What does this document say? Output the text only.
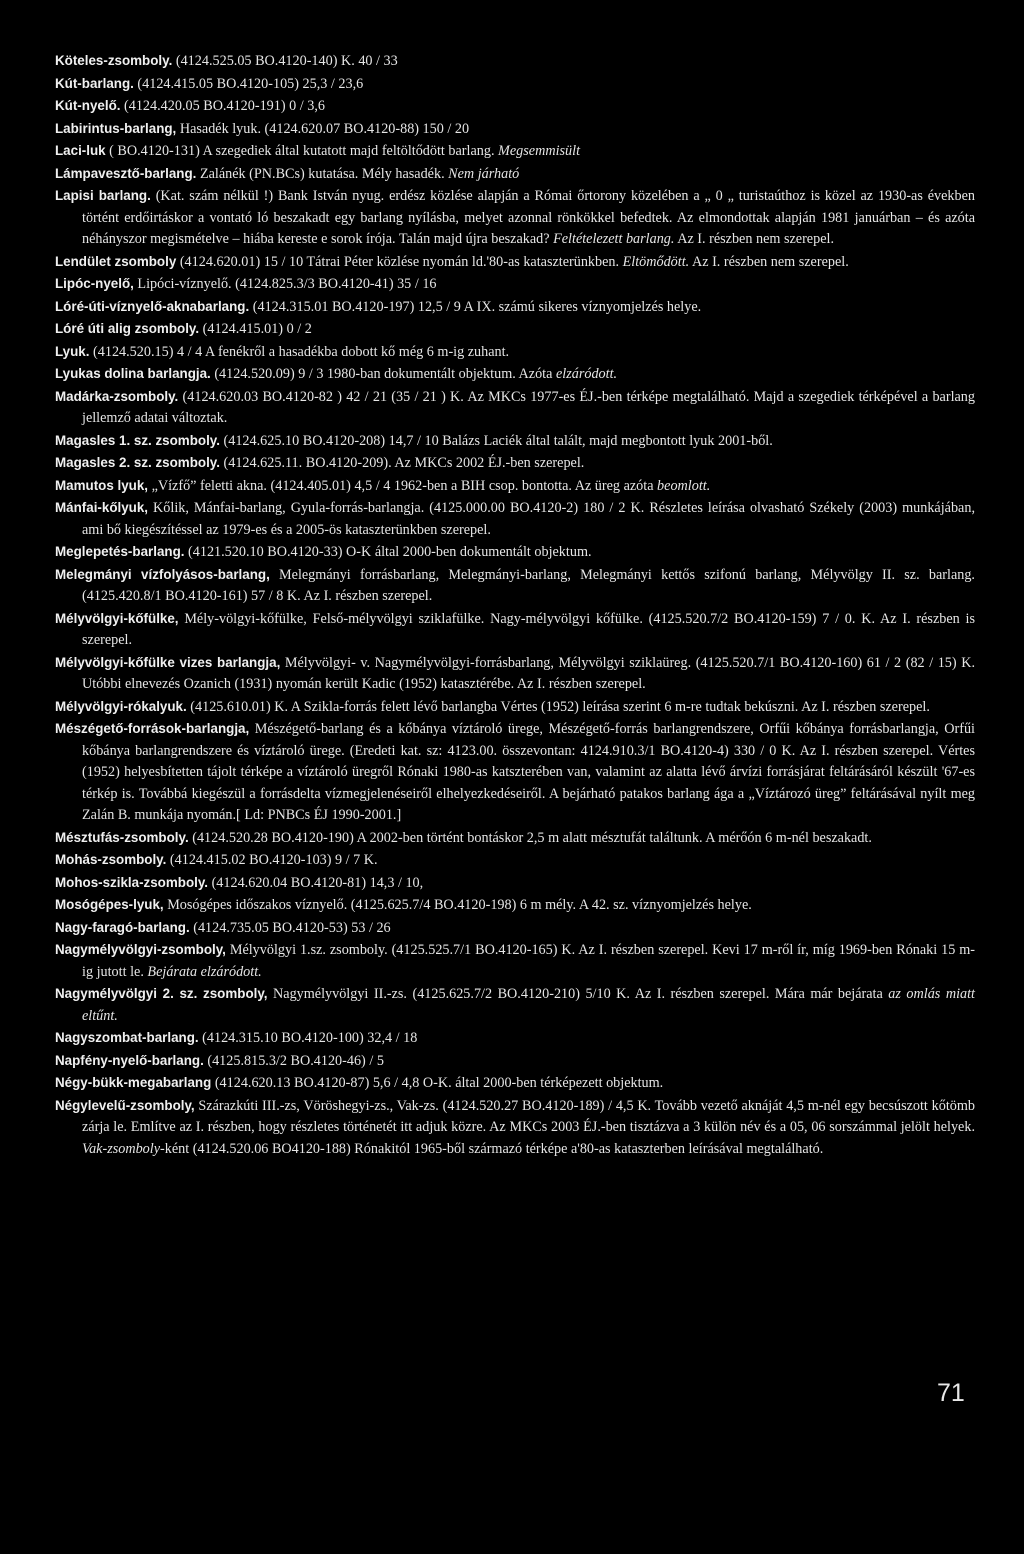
Köteles-zsomboly. (4124.525.05 BO.4120-140) K. 40 / 33
Kút-barlang. (4124.415.05 BO.4120-105) 25,3 / 23,6
Kút-nyelő. (4124.420.05 BO.4120-191) 0 / 3,6
Labirintus-barlang, Hasadék lyuk. (4124.620.07 BO.4120-88) 150 / 20
Laci-luk ( BO.4120-131) A szegediek által kutatott majd feltöltődött barlang. Megsemmisült
Lámpavesztő-barlang. Zalánék (PN.BCs) kutatása. Mély hasadék. Nem járható
Lapisi barlang. (Kat. szám nélkül !) Bank István nyug. erdész közlése alapján a Római őrtorony közelében a „ 0 „ turistaúthoz is közel az 1930-as években történt erdőirtáskor a vontató ló beszakadt egy barlang nyílásba, melyet azonnal rönkökkel befedtek. Az elmondottak alapján 1981 januárban – és azóta néhányszor megismételve – hiába kereste e sorok írója. Talán majd újra beszakad? Feltételezett barlang. Az I. részben nem szerepel.
Lendület zsomboly (4124.620.01) 15 / 10 Tátrai Péter közlése nyomán ld.'80-as kataszterünkben. Eltömődött. Az I. részben nem szerepel.
Lipóc-nyelő, Lipóci-víznyelő. (4124.825.3/3 BO.4120-41) 35 / 16
Lóré-úti-víznyelő-aknabarlang. (4124.315.01 BO.4120-197) 12,5 / 9 A IX. számú sikeres víznyomjelzés helye.
Lóré úti alig zsomboly. (4124.415.01) 0 / 2
Lyuk. (4124.520.15) 4 / 4 A fenékről a hasadékba dobott kő még 6 m-ig zuhant.
Lyukas dolina barlangja. (4124.520.09) 9 / 3 1980-ban dokumentált objektum. Azóta elzáródott.
Madárka-zsomboly. (4124.620.03 BO.4120-82 ) 42 / 21 (35 / 21 ) K. Az MKCs 1977-es ÉJ.-ben térképe megtalálható. Majd a szegediek térképével a barlang jellemző adatai változtak.
Magasles 1. sz. zsomboly. (4124.625.10 BO.4120-208) 14,7 / 10 Balázs Laciék által talált, majd megbontott lyuk 2001-ből.
Magasles 2. sz. zsomboly. (4124.625.11. BO.4120-209). Az MKCs 2002 ÉJ.-ben szerepel.
Mamutos lyuk, „Vízfő” feletti akna. (4124.405.01) 4,5 / 4 1962-ben a BIH csop. bontotta. Az üreg azóta beomlott.
Mánfai-kőlyuk, Kőlik, Mánfai-barlang, Gyula-forrás-barlangja. (4125.000.00 BO.4120-2) 180 / 2 K. Részletes leírása olvasható Székely (2003) munkájában, ami bő kiegészítéssel az 1979-es és a 2005-ös kataszterünkben szerepel.
Meglepetés-barlang. (4121.520.10 BO.4120-33) O-K által 2000-ben dokumentált objektum.
Melegmányi vízfolyásos-barlang, Melegmányi forrásbarlang, Melegmányi-barlang, Melegmányi kettős szifonú barlang, Mélyvölgy II. sz. barlang. (4125.420.8/1 BO.4120-161) 57 / 8 K. Az I. részben szerepel.
Mélyvölgyi-kőfülke, Mély-völgyi-kőfülke, Felső-mélyvölgyi sziklafülke. Nagy-mélyvölgyi kőfülke. (4125.520.7/2 BO.4120-159) 7 / 0. K. Az I. részben is szerepel.
Mélyvölgyi-kőfülke vizes barlangja, Mélyvölgyi- v. Nagymélyvölgyi-forrásbarlang, Mélyvölgyi sziklaüreg. (4125.520.7/1 BO.4120-160) 61 / 2 (82 / 15) K. Utóbbi elnevezés Ozanich (1931) nyomán került Kadic (1952) katasztérébe. Az I. részben szerepel.
Mélyvölgyi-rókalyuk. (4125.610.01) K. A Szikla-forrás felett lévő barlangba Vértes (1952) leírása szerint 6 m-re tudtak bekúszni. Az I. részben szerepel.
Mészégető-források-barlangja, Mészégető-barlang és a kőbánya víztároló ürege, Mészégető-forrás barlangrendszere, Orfűi kőbánya forrásbarlangja, Orfűi kőbánya barlangrendszere és víztároló ürege. (Eredeti kat. sz: 4123.00. összevontan: 4124.910.3/1 BO.4120-4) 330 / 0 K. Az I. részben szerepel. Vértes (1952) helyesbítetten tájolt térképe a víztároló üregről Rónaki 1980-as katszterében van, valamint az alatta lévő árvízi forrásjárat feltárásáról készült '67-es térkép is. Továbbá kiegészül a forrásdelta vízmegjelenéseiről elhelyezkedéseiről. A bejárható patakos barlang ága a „Víztározó üreg” feltárásával nyílt meg Zalán B. munkája nyomán.[ Ld: PNBCs ÉJ 1990-2001.]
Mésztufás-zsomboly. (4124.520.28 BO.4120-190) A 2002-ben történt bontáskor 2,5 m alatt mésztufát találtunk. A mérőón 6 m-nél beszakadt.
Mohás-zsomboly. (4124.415.02 BO.4120-103) 9 / 7 K.
Mohos-szikla-zsomboly. (4124.620.04 BO.4120-81) 14,3 / 10,
Mosógépes-lyuk, Mosógépes időszakos víznyelő. (4125.625.7/4 BO.4120-198) 6 m mély. A 42. sz. víznyomjelzés helye.
Nagy-faragó-barlang. (4124.735.05 BO.4120-53) 53 / 26
Nagymélyvölgyi-zsomboly, Mélyvölgyi 1.sz. zsomboly. (4125.525.7/1 BO.4120-165) K. Az I. részben szerepel. Kevi 17 m-ről ír, míg 1969-ben Rónaki 15 m-ig jutott le. Bejárata elzáródott.
Nagymélyvölgyi 2. sz. zsomboly, Nagymélyvölgyi II.-zs. (4125.625.7/2 BO.4120-210) 5/10 K. Az I. részben szerepel. Mára már bejárata az omlás miatt eltűnt.
Nagyszombat-barlang. (4124.315.10 BO.4120-100) 32,4 / 18
Napfény-nyelő-barlang. (4125.815.3/2 BO.4120-46) / 5
Négy-bükk-megabarlang (4124.620.13 BO.4120-87) 5,6 / 4,8 O-K. által 2000-ben térképezett objektum.
Négylevelű-zsomboly, Szárazkúti III.-zs, Vöröshegyi-zs., Vak-zs. (4124.520.27 BO.4120-189) / 4,5 K. Tovább vezető aknáját 4,5 m-nél egy becsúszott kőtömb zárja le. Említve az I. részben, hogy részletes történetét itt adjuk közre. Az MKCs 2003 ÉJ.-ben tisztázva a 3 külön név és a 05, 06 sorszámmal jelölt helyek. Vak-zsomboly-ként (4124.520.06 BO4120-188) Rónakitól 1965-ből származó térképe a'80-as kataszterben leírásával megtalálható.
71
